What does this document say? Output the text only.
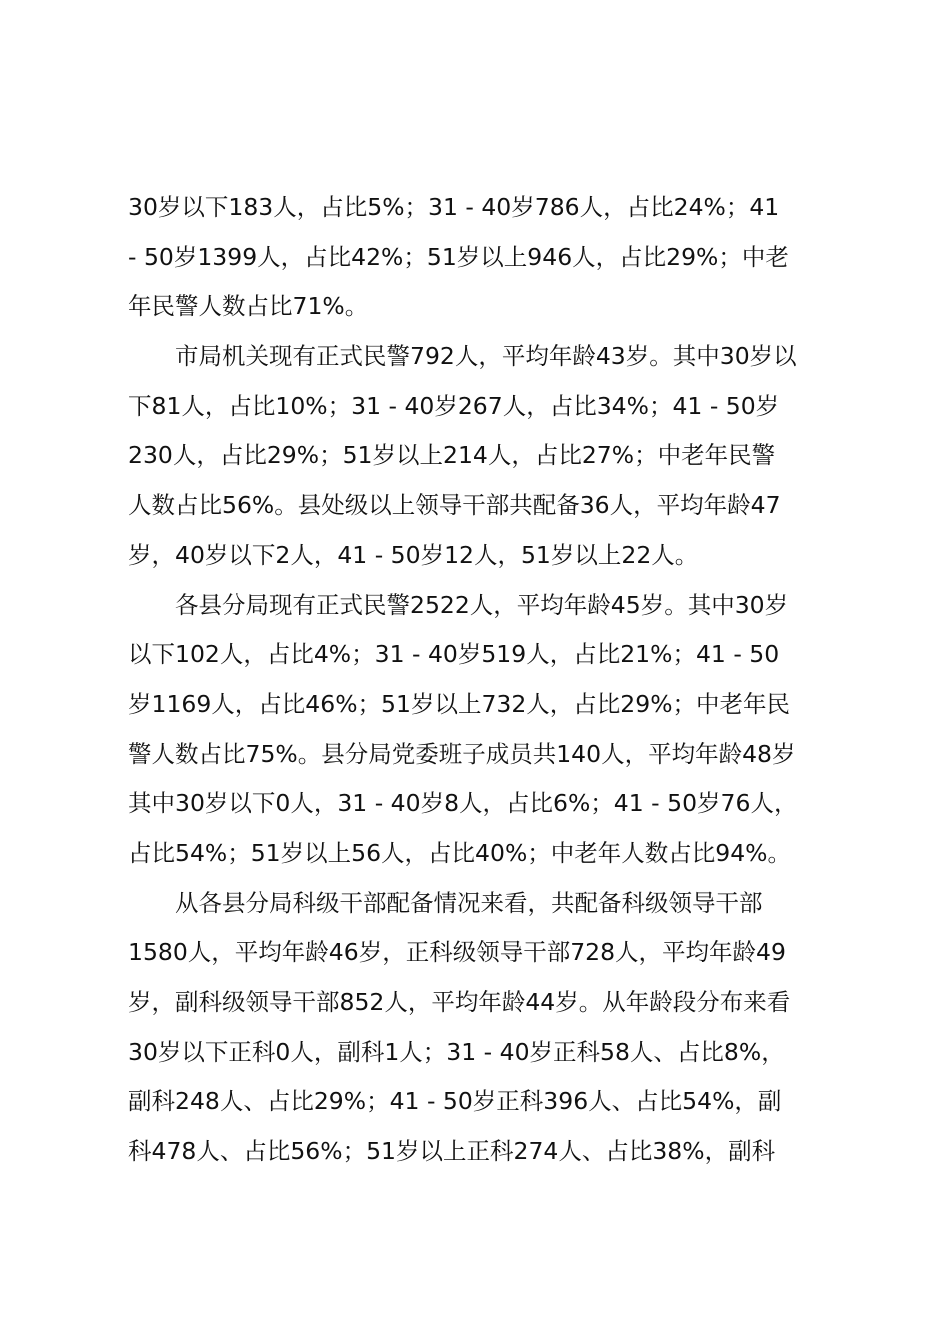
30岁以下183人，占比5%；31 - 40岁786人，占比24%；41
- 50岁1399人，占比42%；51岁以上946人，占比29%；中老
年民警人数占比71%。
市局机关现有正式民警792人，平均年龄43岁。其中30岁以
下81人，占比10%；31 - 40岁267人，占比34%；41 - 50岁
230人，占比29%；51岁以上214人，占比27%；中老年民警
人数占比56%。县处级以上领导干部共配备36人，平均年龄47
岁，40岁以下2人，41 - 50岁12人，51岁以上22人。
各县分局现有正式民警2522人，平均年龄45岁。其中30岁
以下102人，占比4%；31 - 40岁519人，占比21%；41 - 50
岁1169人，占比46%；51岁以上732人，占比29%；中老年民
警人数占比75%。县分局党委班子成员共140人，平均年龄48岁
其中30岁以下0人，31 - 40岁8人，占比6%；41 - 50岁76人，
占比54%；51岁以上56人，占比40%；中老年人数占比94%。
从各县分局科级干部配备情况来看，共配备科级领导干部
1580人，平均年龄46岁，正科级领导干部728人，平均年龄49
岁，副科级领导干部852人，平均年龄44岁。从年龄段分布来看
30岁以下正科0人，副科1人；31 - 40岁正科58人、占比8%，
副科248人、占比29%；41 - 50岁正科396人、占比54%，副
科478人、占比56%；51岁以上正科274人、占比38%，副科
